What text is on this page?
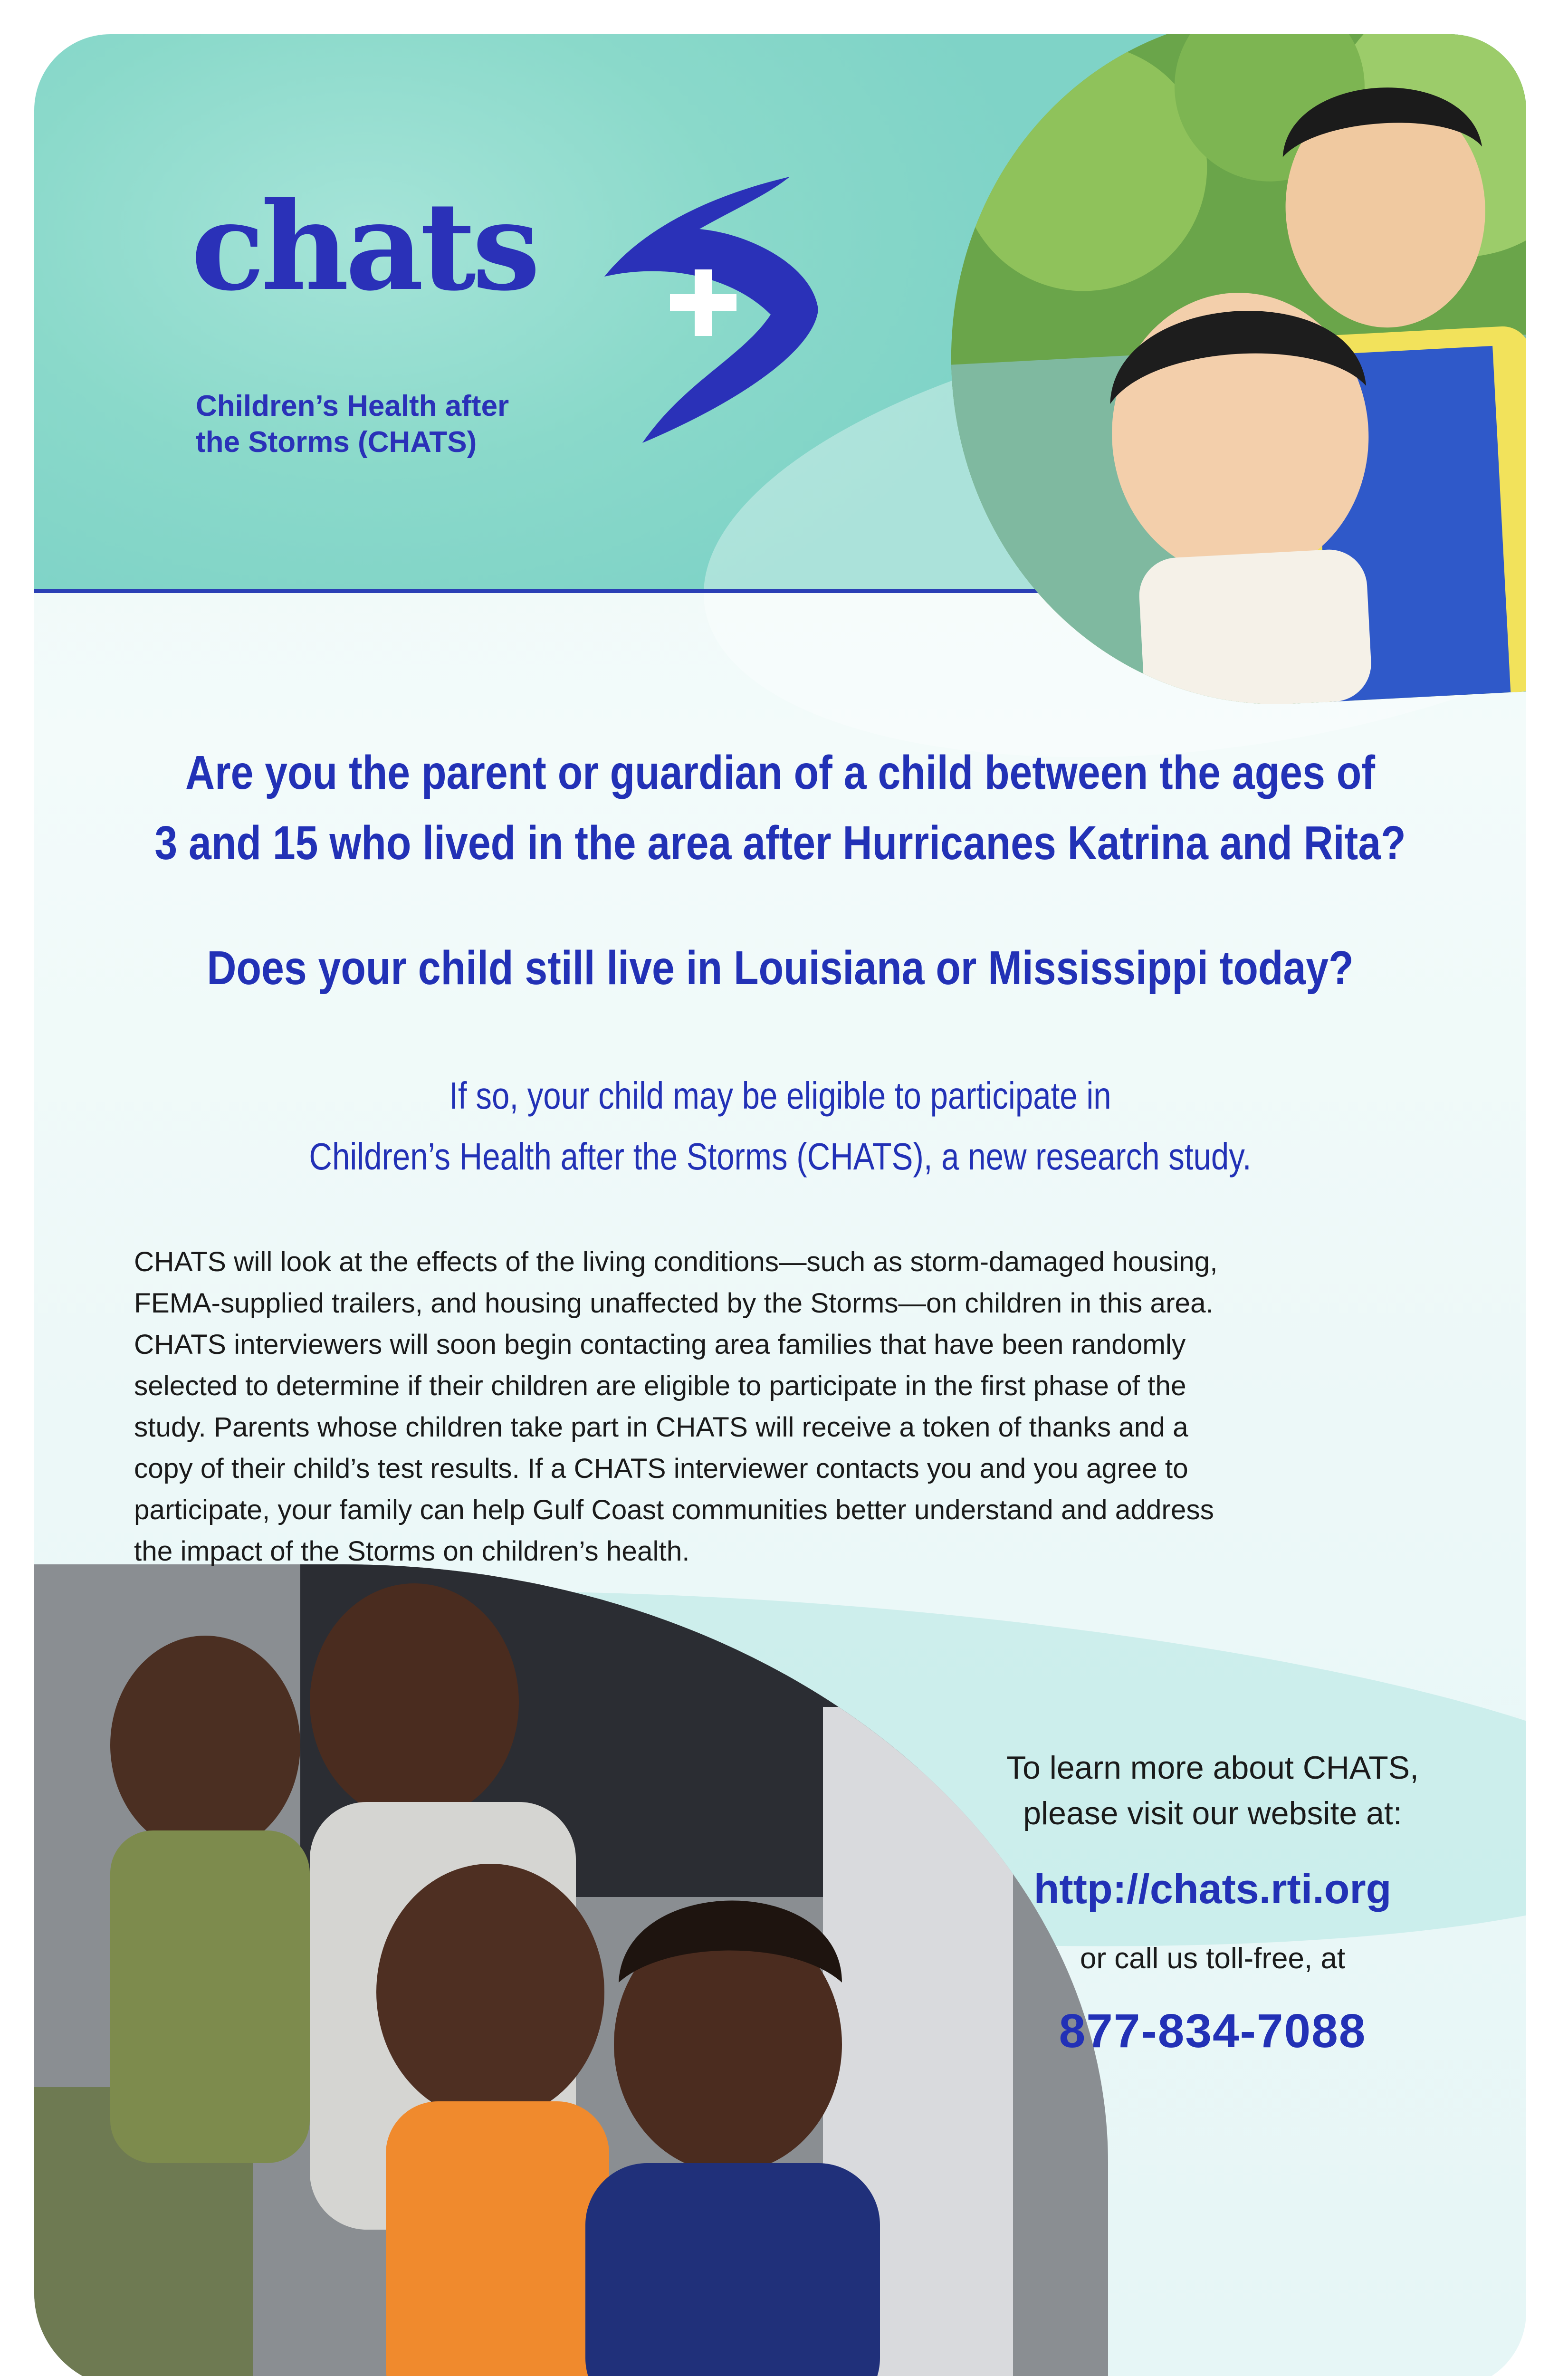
chats
Children’s Health after
the Storms (CHATS)
Are you the parent or guardian of a child between the ages of
3 and 15 who lived in the area after Hurricanes Katrina and Rita?
Does your child still live in Louisiana or Mississippi today?
If so, your child may be eligible to participate in
Children’s Health after the Storms (CHATS), a new research study.
CHATS will look at the effects of the living conditions—such as storm-damaged housing,
FEMA-supplied trailers, and housing unaffected by the Storms—on children in this area.
CHATS interviewers will soon begin contacting area families that have been randomly
selected to determine if their children are eligible to participate in the first phase of the
study. Parents whose children take part in CHATS will receive a token of thanks and a
copy of their child’s test results. If a CHATS interviewer contacts you and you agree to
participate, your family can help Gulf Coast communities better understand and address
the impact of the Storms on children’s health.
To learn more about CHATS,
please visit our website at:
http://chats.rti.org
or call us toll-free, at
877-834-7088
